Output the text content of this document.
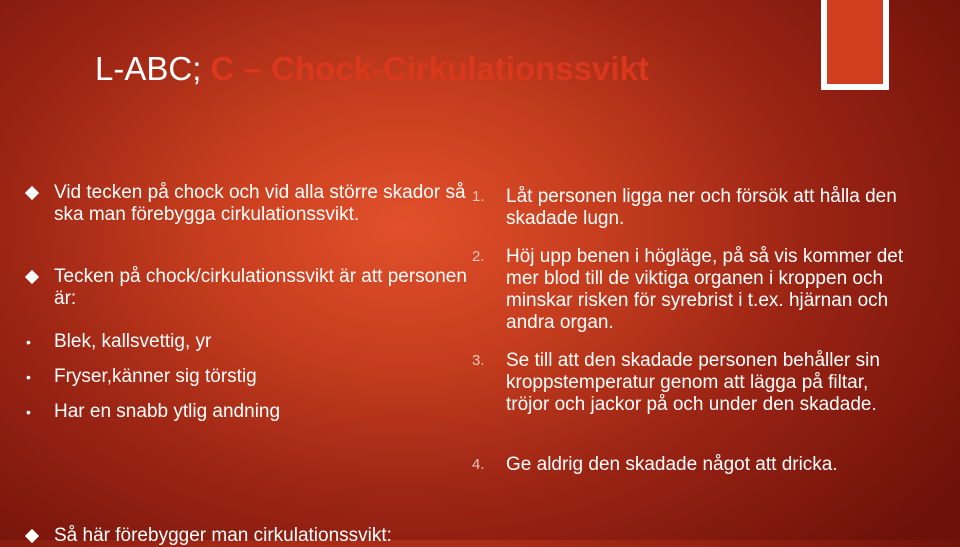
L-ABC; C – Chock-Cirkulationssvikt
Vid tecken på chock och vid alla större skador så ska man förebygga cirkulationssvikt.
Tecken på chock/cirkulationssvikt är att personen är:
• Blek, kallsvettig, yr
• Fryser,känner sig törstig
• Har en snabb ytlig andning
Så här förebygger man cirkulationssvikt:
1. Låt personen ligga ner och försök att hålla den skadade lugn.
2. Höj upp benen i högläge, på så vis kommer det mer blod till de viktiga organen i kroppen och minskar risken för syrebrist i t.ex. hjärnan och andra organ.
3. Se till att den skadade personen behåller sin kroppstemperatur genom att lägga på filtar, tröjor och jackor på och under den skadade.
4. Ge aldrig den skadade något att dricka.
